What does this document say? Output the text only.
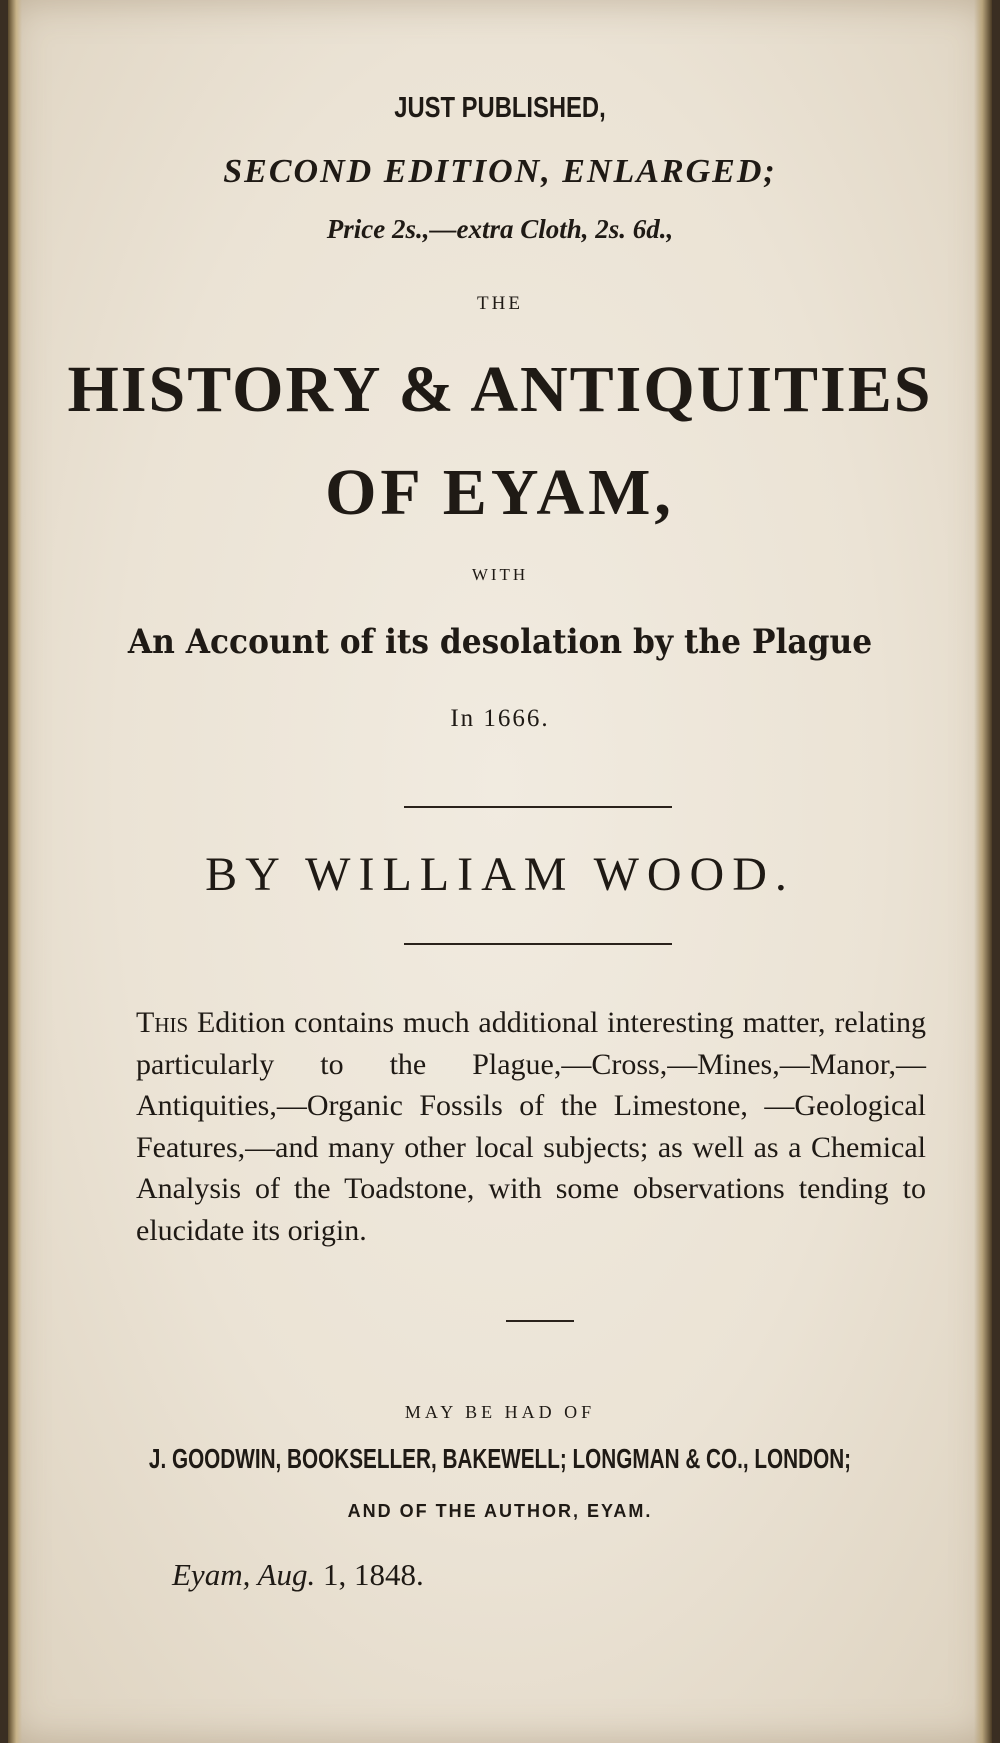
JUST PUBLISHED,
SECOND EDITION, ENLARGED;
Price 2s.,—extra Cloth, 2s. 6d.,
THE
HISTORY & ANTIQUITIES
OF EYAM,
WITH
An Account of its desolation by the Plague
In 1666.
BY WILLIAM WOOD.
This Edition contains much additional interesting matter, relating particularly to the Plague,—Cross,—Mines,—Manor,—Antiquities,—Organic Fossils of the Limestone, —Geological Features,—and many other local subjects; as well as a Chemical Analysis of the Toadstone, with some observations tending to elucidate its origin.
MAY BE HAD OF
J. GOODWIN, BOOKSELLER, BAKEWELL; LONGMAN & CO., LONDON;
AND OF THE AUTHOR, EYAM.
Eyam, Aug. 1, 1848.
